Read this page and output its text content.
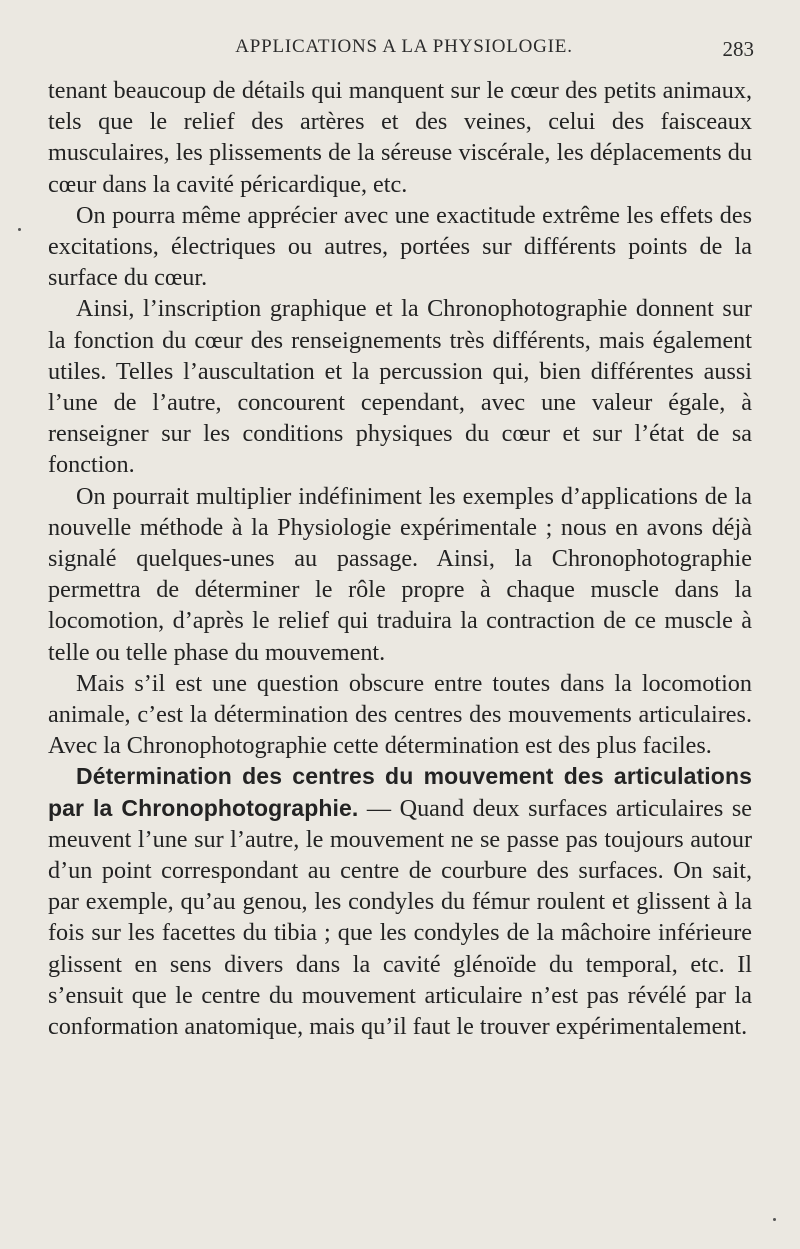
APPLICATIONS A LA PHYSIOLOGIE.	283

tenant beaucoup de détails qui manquent sur le cœur des petits animaux, tels que le relief des artères et des veines, celui des faisceaux musculaires, les plissements de la séreuse viscérale, les déplacements du cœur dans la cavité péricardique, etc.

On pourra même apprécier avec une exactitude extrême les effets des excitations, électriques ou autres, portées sur différents points de la surface du cœur.

Ainsi, l’inscription graphique et la Chronophotographie donnent sur la fonction du cœur des renseignements très différents, mais également utiles. Telles l’auscultation et la percussion qui, bien différentes aussi l’une de l’autre, concourent cependant, avec une valeur égale, à renseigner sur les conditions physiques du cœur et sur l’état de sa fonction.

On pourrait multiplier indéfiniment les exemples d’applications de la nouvelle méthode à la Physiologie expérimentale ; nous en avons déjà signalé quelques-unes au passage. Ainsi, la Chronophotographie permettra de déterminer le rôle propre à chaque muscle dans la locomotion, d’après le relief qui traduira la contraction de ce muscle à telle ou telle phase du mouvement.

Mais s’il est une question obscure entre toutes dans la locomotion animale, c’est la détermination des centres des mouvements articulaires. Avec la Chronophotographie cette détermination est des plus faciles.

Détermination des centres du mouvement des articulations par la Chronophotographie. — Quand deux surfaces articulaires se meuvent l’une sur l’autre, le mouvement ne se passe pas toujours autour d’un point correspondant au centre de courbure des surfaces. On sait, par exemple, qu’au genou, les condyles du fémur roulent et glissent à la fois sur les facettes du tibia ; que les condyles de la mâchoire inférieure glissent en sens divers dans la cavité glénoïde du temporal, etc. Il s’ensuit que le centre du mouvement articulaire n’est pas révélé par la conformation anatomique, mais qu’il faut le trouver expérimentalement.
